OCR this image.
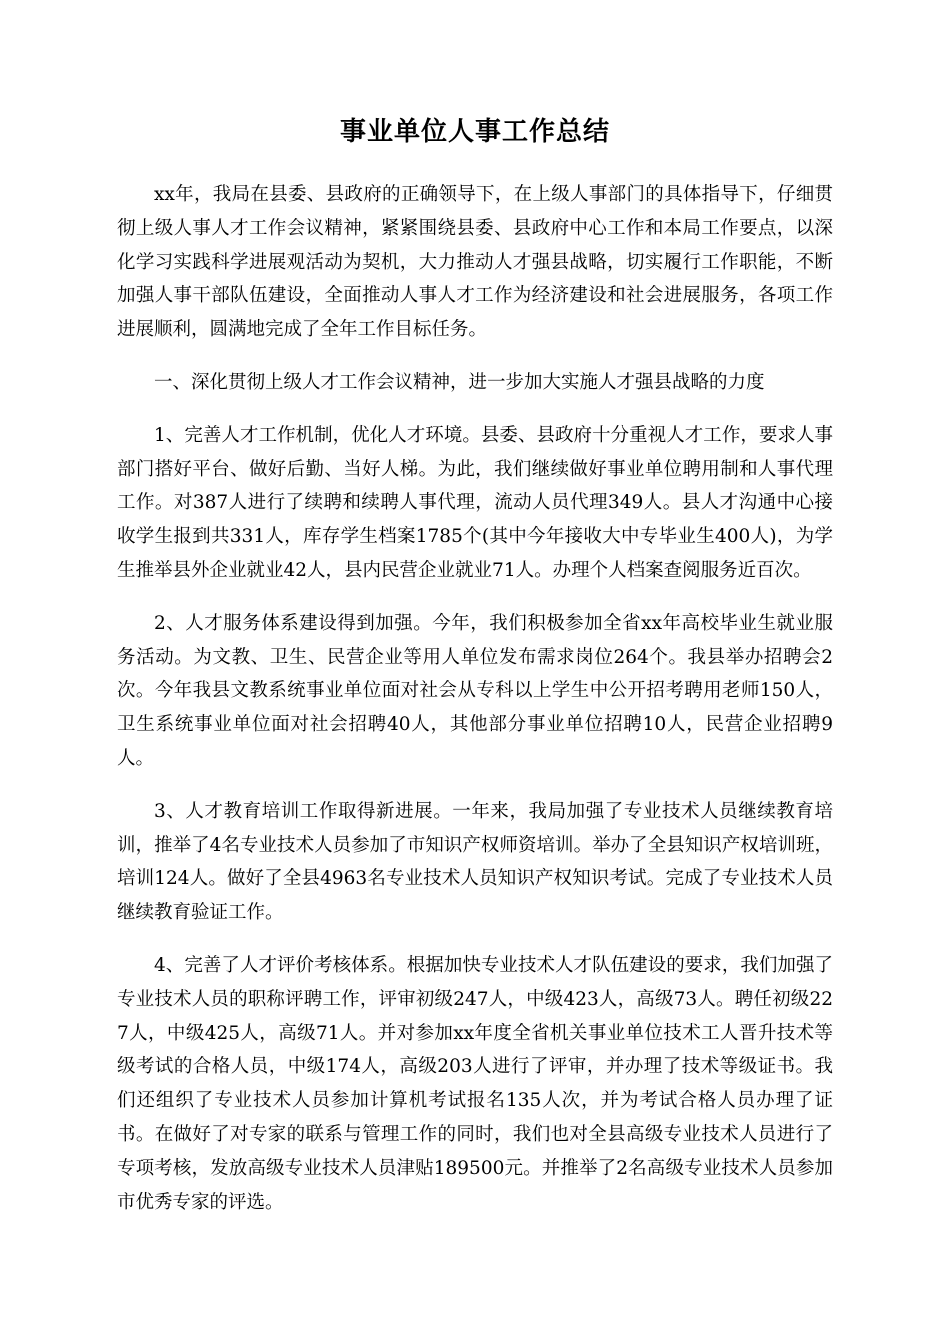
事业单位人事工作总结

xx年，我局在县委、县政府的正确领导下，在上级人事部门的具体指导下，仔细贯彻上级人事人才工作会议精神，紧紧围绕县委、县政府中心工作和本局工作要点，以深化学习实践科学进展观活动为契机，大力推动人才强县战略，切实履行工作职能，不断加强人事干部队伍建设，全面推动人事人才工作为经济建设和社会进展服务，各项工作进展顺利，圆满地完成了全年工作目标任务。

一、深化贯彻上级人才工作会议精神，进一步加大实施人才强县战略的力度

1、完善人才工作机制，优化人才环境。县委、县政府十分重视人才工作，要求人事部门搭好平台、做好后勤、当好人梯。为此，我们继续做好事业单位聘用制和人事代理工作。对387人进行了续聘和续聘人事代理，流动人员代理349人。县人才沟通中心接收学生报到共331人，库存学生档案1785个(其中今年接收大中专毕业生400人)，为学生推举县外企业就业42人，县内民营企业就业71人。办理个人档案查阅服务近百次。

2、人才服务体系建设得到加强。今年，我们积极参加全省xx年高校毕业生就业服务活动。为文教、卫生、民营企业等用人单位发布需求岗位264个。我县举办招聘会2次。今年我县文教系统事业单位面对社会从专科以上学生中公开招考聘用老师150人，卫生系统事业单位面对社会招聘40人，其他部分事业单位招聘10人，民营企业招聘9人。

3、人才教育培训工作取得新进展。一年来，我局加强了专业技术人员继续教育培训，推举了4名专业技术人员参加了市知识产权师资培训。举办了全县知识产权培训班，培训124人。做好了全县4963名专业技术人员知识产权知识考试。完成了专业技术人员继续教育验证工作。

4、完善了人才评价考核体系。根据加快专业技术人才队伍建设的要求，我们加强了专业技术人员的职称评聘工作，评审初级247人，中级423人，高级73人。聘任初级227人，中级425人，高级71人。并对参加xx年度全省机关事业单位技术工人晋升技术等级考试的合格人员，中级174人，高级203人进行了评审，并办理了技术等级证书。我们还组织了专业技术人员参加计算机考试报名135人次，并为考试合格人员办理了证书。在做好了对专家的联系与管理工作的同时，我们也对全县高级专业技术人员进行了专项考核，发放高级专业技术人员津贴189500元。并推举了2名高级专业技术人员参加市优秀专家的评选。
